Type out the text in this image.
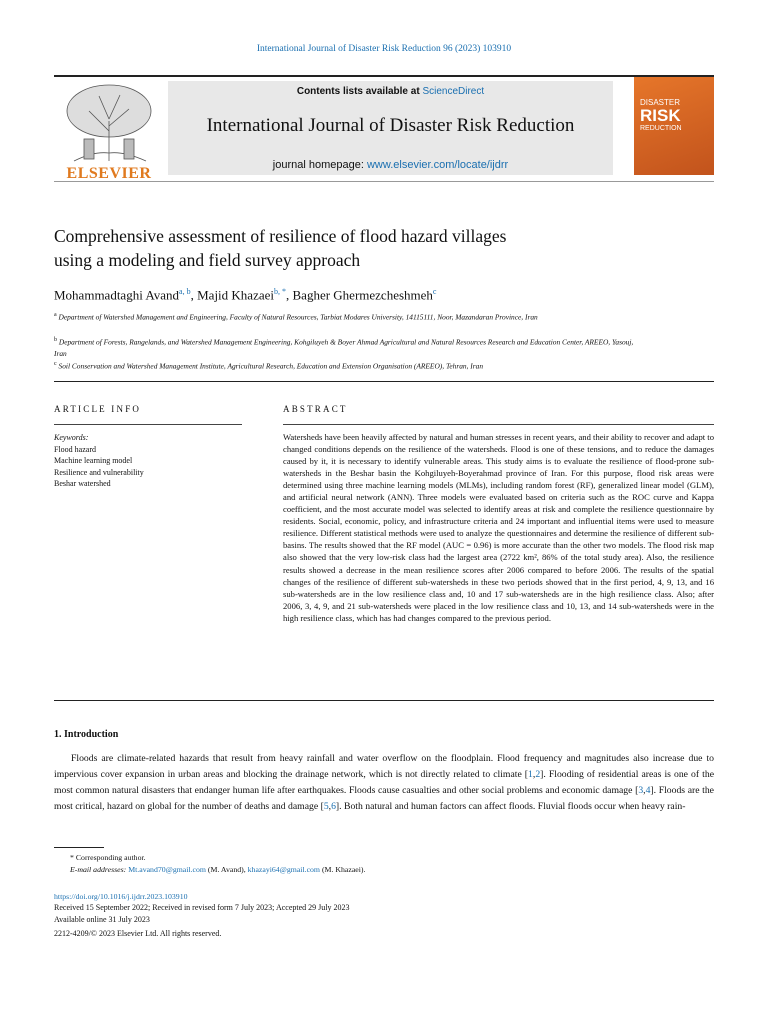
International Journal of Disaster Risk Reduction 96 (2023) 103910
ELSEVIER
Contents lists available at ScienceDirect
International Journal of Disaster Risk Reduction
journal homepage: www.elsevier.com/locate/ijdrr
DISASTER
RISK
REDUCTION
Comprehensive assessment of resilience of flood hazard villages
using a modeling and field survey approach
Mohammadtaghi Avand$^{a, b}$, Majid Khazaei$^{b, *}$, Bagher Ghermezcheshmeh$^c$
$^a$ Department of Watershed Management and Engineering, Faculty of Natural Resources, Tarbiat Modares University, 14115111, Noor, Mazandaran Province, Iran
$^b$ Department of Forests, Rangelands, and Watershed Management Engineering, Kohgiluyeh & Boyer Ahmad Agricultural and Natural Resources Research and Education Center, AREEO, Yasouj, Iran
$^c$ Soil Conservation and Watershed Management Institute, Agricultural Research, Education and Extension Organisation (AREEO), Tehran, Iran
ARTICLE INFO	ABSTRACT
Keywords:
Flood hazard
Machine learning model
Resilience and vulnerability
Beshar watershed
Watersheds have been heavily affected by natural and human stresses in recent years, and their ability to recover and adapt to changed conditions depends on the resilience of the watersheds. Flood is one of these tensions, and to reduce the damages caused by it, it is necessary to identify vulnerable areas. This study aims is to evaluate the resilience of flood-prone sub-watersheds in the Beshar basin the Kohgiluyeh-Boyerahmad province of Iran. For this purpose, flood risk areas were determined using three machine learning models (MLMs), including random forest (RF), generalized linear model (GLM), and artificial neural network (ANN). Three models were evaluated based on criteria such as the ROC curve and Kappa coefficient, and the most accurate model was selected to identify areas at risk and complete the resilience questionnaire by residents. Social, economic, policy, and infrastructure criteria and 24 important and influential items were used to measure resilience. Different statistical methods were used to analyze the questionnaires and determine the resilience of different sub-basins. The results showed that the RF model (AUC = 0.96) is more accurate than the other two models. The flood risk map also showed that the very low-risk class had the largest area (2722 km², 86% of the total study area). Also, the resilience results showed a decrease in the mean resilience scores after 2006 compared to before 2006. The results of the spatial changes of the resilience of different sub-watersheds in these two periods showed that in the first period, 4, 9, 13, and 16 sub-watersheds are in the low resilience class and, 10 and 17 sub-watersheds are in the high resilience class. Also; after 2006, 3, 4, 9, and 21 sub-watersheds were placed in the low resilience class and 10, 13, and 14 sub-watersheds were in the high resilience class, which has had changes compared to the previous period.
1. Introduction
Floods are climate-related hazards that result from heavy rainfall and water overflow on the floodplain. Flood frequency and magnitudes also increase due to impervious cover expansion in urban areas and blocking the drainage network, which is not directly related to climate [1,2]. Flooding of residential areas is one of the most common natural disasters that endanger human life after earthquakes. Floods cause casualties and other social problems and economic damage [3,4]. Floods are the most critical, hazard on global for the number of deaths and damage [5,6]. Both natural and human factors can affect floods. Fluvial floods occur when heavy rain-
* Corresponding author.
E-mail addresses: Mt.avand70@gmail.com (M. Avand), khazayi64@gmail.com (M. Khazaei).
https://doi.org/10.1016/j.ijdrr.2023.103910
Received 15 September 2022; Received in revised form 7 July 2023; Accepted 29 July 2023
Available online 31 July 2023
2212-4209/© 2023 Elsevier Ltd. All rights reserved.
